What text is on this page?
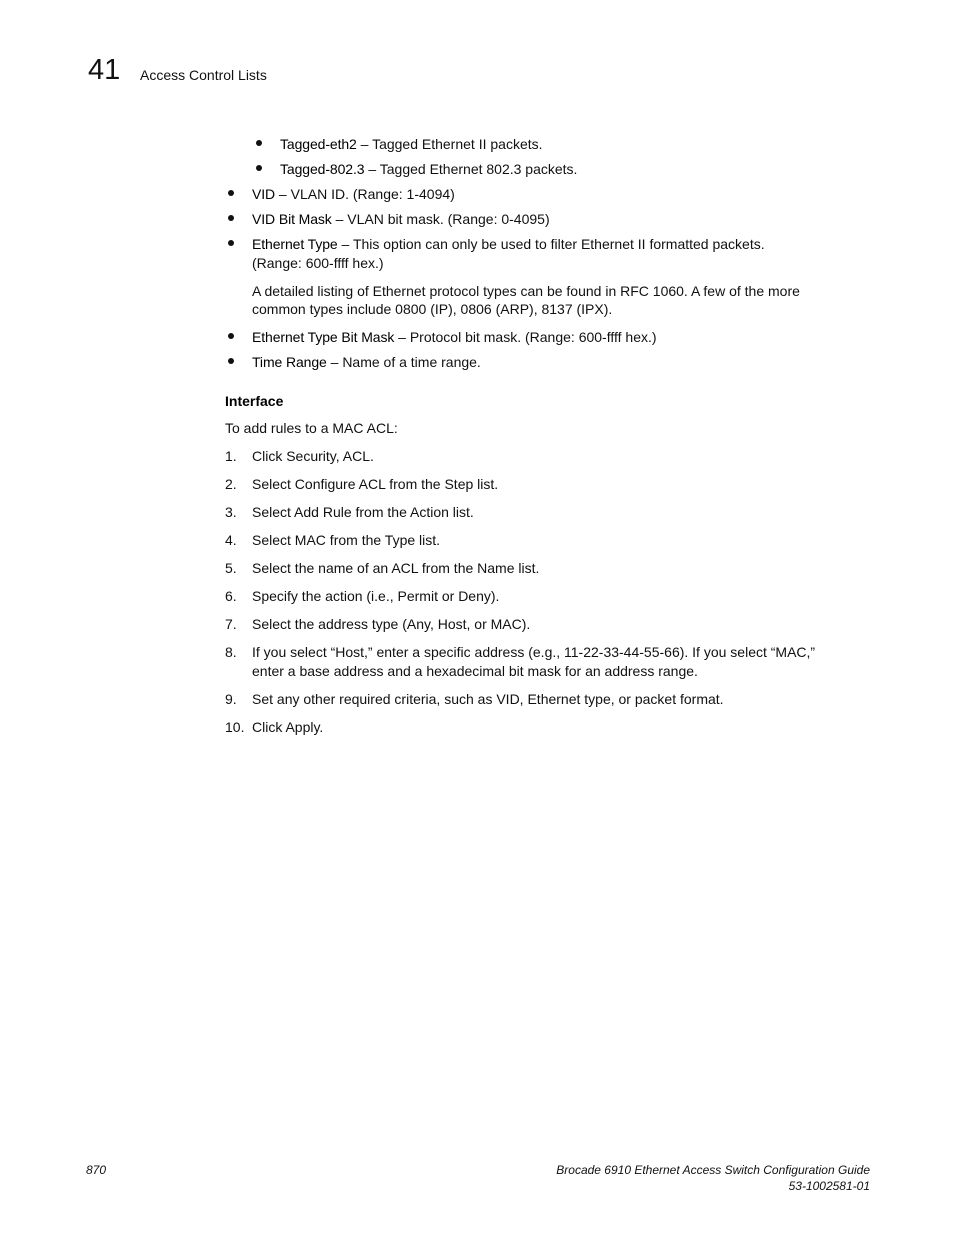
41 Access Control Lists
Tagged-eth2 – Tagged Ethernet II packets.
Tagged-802.3 – Tagged Ethernet 802.3 packets.
VID – VLAN ID. (Range: 1-4094)
VID Bit Mask – VLAN bit mask. (Range: 0-4095)
Ethernet Type – This option can only be used to filter Ethernet II formatted packets.
(Range: 600-ffff hex.)
A detailed listing of Ethernet protocol types can be found in RFC 1060. A few of the more
common types include 0800 (IP), 0806 (ARP), 8137 (IPX).
Ethernet Type Bit Mask – Protocol bit mask. (Range: 600-ffff hex.)
Time Range – Name of a time range.
Interface
To add rules to a MAC ACL:
1.	Click Security, ACL.
2.	Select Configure ACL from the Step list.
3.	Select Add Rule from the Action list.
4.	Select MAC from the Type list.
5.	Select the name of an ACL from the Name list.
6.	Specify the action (i.e., Permit or Deny).
7.	Select the address type (Any, Host, or MAC).
8.	If you select “Host,” enter a specific address (e.g., 11-22-33-44-55-66). If you select “MAC,”
enter a base address and a hexadecimal bit mask for an address range.
9.	Set any other required criteria, such as VID, Ethernet type, or packet format.
10. Click Apply.
870	Brocade 6910 Ethernet Access Switch Configuration Guide
53-1002581-01
